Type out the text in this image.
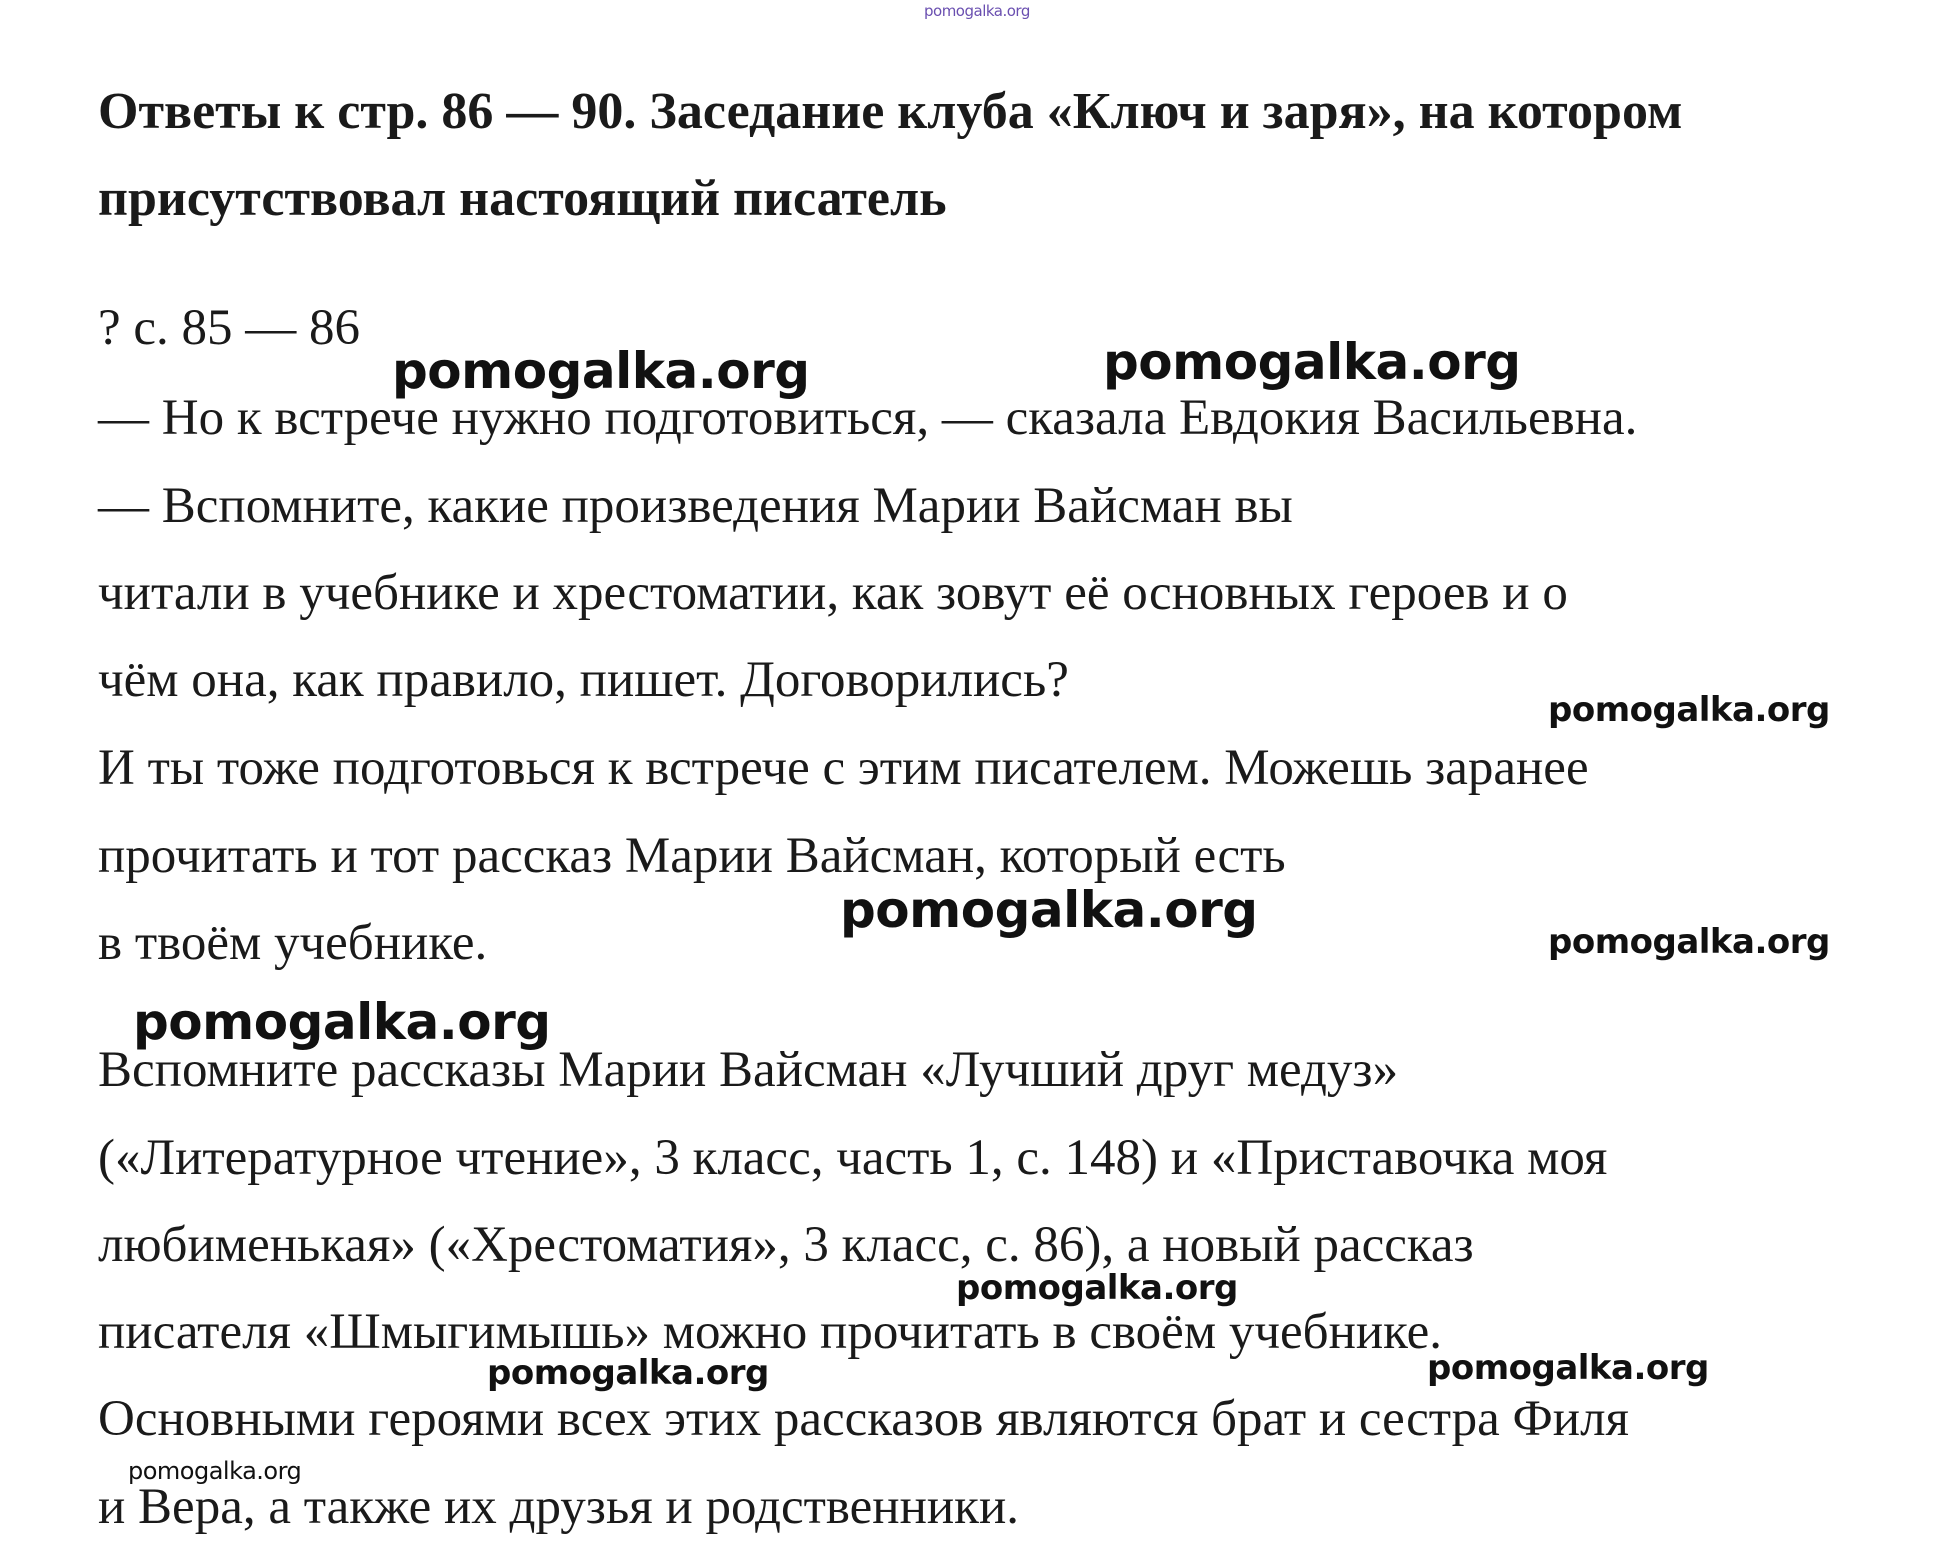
pomogalka.org
Ответы к стр. 86 — 90. Заседание клуба «Ключ и заря», на котором присутствовал настоящий писатель

? с. 85 — 86

— Но к встрече нужно подготовиться, — сказала Евдокия Васильевна.

— Вспомните, какие произведения Марии Вайсман вы

читали в учебнике и хрестоматии, как зовут её основных героев и о

чём она, как правило, пишет. Договорились?

И ты тоже подготовься к встрече с этим писателем. Можешь заранее

прочитать и тот рассказ Марии Вайсман, который есть

в твоём учебнике.

Вспомните рассказы Марии Вайсман «Лучший друг медуз»

(«Литературное чтение», 3 класс, часть 1, с. 148) и «Приставочка моя

любименькая» («Хрестоматия», 3 класс, с. 86), а новый рассказ

писателя «Шмыгимышь» можно прочитать в своём учебнике.

Основными героями всех этих рассказов являются брат и сестра Филя

и Вера, а также их друзья и родственники.

pomogalka.org	pomogalka.org
pomogalka.org
pomogalka.org
pomogalka.org
pomogalka.org
pomogalka.org
pomogalka.org	pomogalka.org
pomogalka.org
